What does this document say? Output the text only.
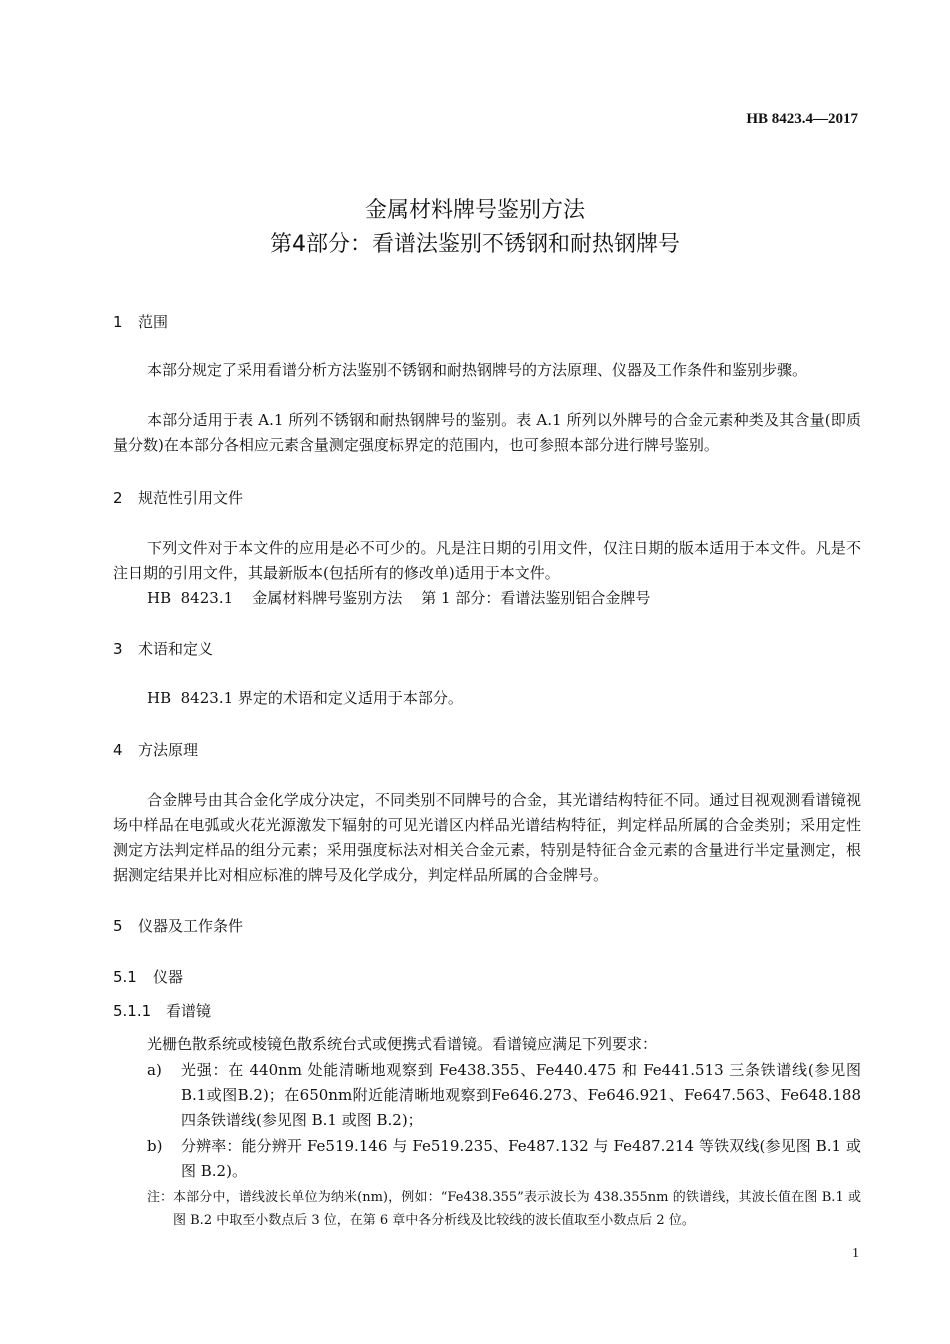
HB 8423.4—2017
金属材料牌号鉴别方法
第4部分：看谱法鉴别不锈钢和耐热钢牌号
1 范围
本部分规定了采用看谱分析方法鉴别不锈钢和耐热钢牌号的方法原理、仪器及工作条件和鉴别步骤。
本部分适用于表 A.1 所列不锈钢和耐热钢牌号的鉴别。表 A.1 所列以外牌号的合金元素种类及其含量(即质量分数)在本部分各相应元素含量测定强度标界定的范围内，也可参照本部分进行牌号鉴别。
2 规范性引用文件
下列文件对于本文件的应用是必不可少的。凡是注日期的引用文件，仅注日期的版本适用于本文件。凡是不注日期的引用文件，其最新版本(包括所有的修改单)适用于本文件。
HB  8423.1    金属材料牌号鉴别方法    第 1 部分：看谱法鉴别铝合金牌号
3 术语和定义
HB  8423.1 界定的术语和定义适用于本部分。
4 方法原理
合金牌号由其合金化学成分决定，不同类别不同牌号的合金，其光谱结构特征不同。通过目视观测看谱镜视场中样品在电弧或火花光源激发下辐射的可见光谱区内样品光谱结构特征，判定样品所属的合金类别；采用定性测定方法判定样品的组分元素；采用强度标法对相关合金元素，特别是特征合金元素的含量进行半定量测定，根据测定结果并比对相应标准的牌号及化学成分，判定样品所属的合金牌号。
5 仪器及工作条件
5.1 仪器
5.1.1 看谱镜
光栅色散系统或棱镜色散系统台式或便携式看谱镜。看谱镜应满足下列要求：
a) 光强：在 440nm 处能清晰地观察到 Fe438.355、Fe440.475 和 Fe441.513 三条铁谱线(参见图B.1或图B.2)；在650nm附近能清晰地观察到Fe646.273、Fe646.921、Fe647.563、Fe648.188四条铁谱线(参见图 B.1 或图 B.2)；
b) 分辨率：能分辨开 Fe519.146 与 Fe519.235、Fe487.132 与 Fe487.214 等铁双线(参见图 B.1 或图 B.2)。
注： 本部分中，谱线波长单位为纳米(nm)，例如：“Fe438.355”表示波长为 438.355nm 的铁谱线，其波长值在图 B.1 或图 B.2 中取至小数点后 3 位，在第 6 章中各分析线及比较线的波长值取至小数点后 2 位。
1
